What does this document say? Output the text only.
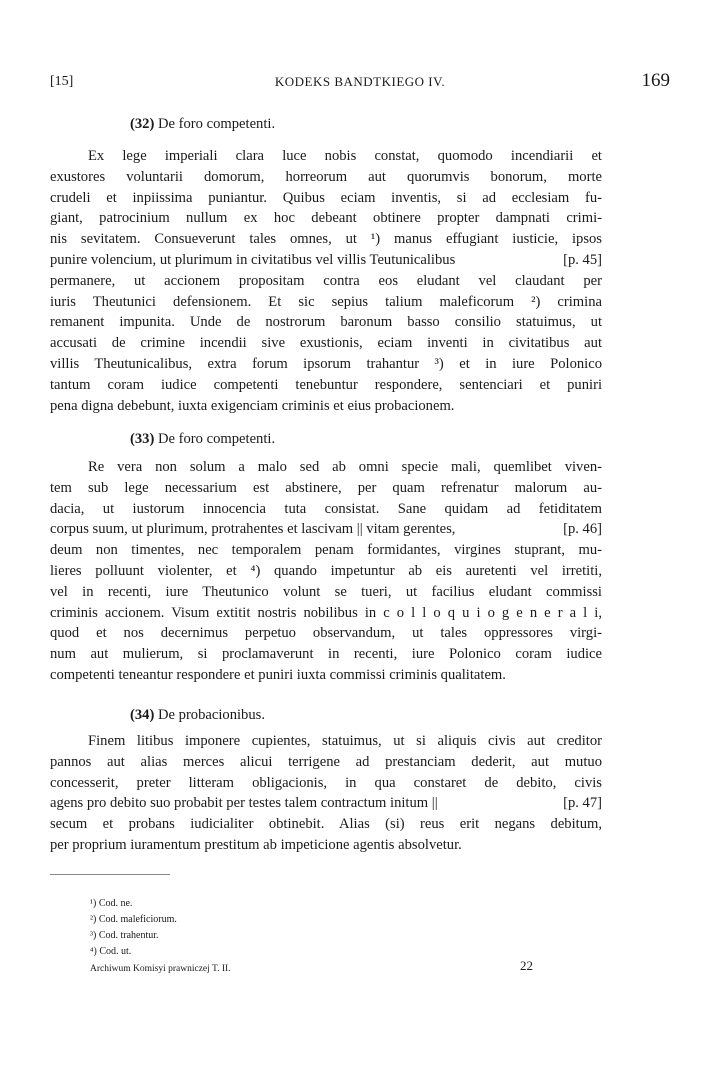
[15]	KODEKS BANDTKIEGO IV.	169
(32) De foro competenti.

Ex lege imperiali clara luce nobis constat, quomodo incendiarii et

exustores voluntarii domorum, horreorum aut quorumvis bonorum, morte

crudeli et inpiissima puniantur. Quibus eciam inventis, si ad ecclesiam fu-

giant, patrocinium nullum ex hoc debeant obtinere propter dampnati crimi-

nis sevitatem. Consueverunt tales omnes, ut ¹) manus effugiant iusticie, ipsos

punire volencium, ut plurimum in civitatibus vel villis Teutunicalibus	[p. 45]

permanere, ut accionem propositam contra eos eludant vel claudant per

iuris Theutunici defensionem. Et sic sepius talium maleficorum ²) crimina

remanent impunita. Unde de nostrorum baronum basso consilio statuimus, ut

accusati de crimine incendii sive exustionis, eciam inventi in civitatibus aut

villis Theutunicalibus, extra forum ipsorum trahantur ³) et in iure Polonico

tantum coram iudice competenti tenebuntur respondere, sentenciari et puniri

pena digna debebunt, iuxta exigenciam criminis et eius probacionem.

(33) De foro competenti.

Re vera non solum a malo sed ab omni specie mali, quemlibet viven-

tem sub lege necessarium est abstinere, per quam refrenatur malorum au-

dacia, ut iustorum innocencia tuta consistat. Sane quidam ad fetiditatem

corpus suum, ut plurimum, protrahentes et lascivam || vitam gerentes,	[p. 46]

deum non timentes, nec temporalem penam formidantes, virgines stuprant, mu-

lieres polluunt violenter, et ⁴) quando impetuntur ab eis auretenti vel irretiti,

vel in recenti, iure Theutunico volunt se tueri, ut facilius eludant commissi

criminis accionem. Visum extitit nostris nobilibus in c o l l o q u i o g e n e r a l i,

quod et nos decernimus perpetuo observandum, ut tales oppressores virgi-

num aut mulierum, si proclamaverunt in recenti, iure Polonico coram iudice

competenti teneantur respondere et puniri iuxta commissi criminis qualitatem.

(34) De probacionibus.

Finem litibus imponere cupientes, statuimus, ut si aliquis civis aut creditor

pannos aut alias merces alicui terrigene ad prestanciam dederit, aut mutuo

concesserit, preter litteram obligacionis, in qua constaret de debito, civis

agens pro debito suo probabit per testes talem contractum initum ||	[p. 47]

secum et probans iudicialiter obtinebit. Alias (si) reus erit negans debitum,

per proprium iuramentum prestitum ab impeticione agentis absolvetur.

¹) Cod. ne.
²) Cod. maleficiorum.
³) Cod. trahentur.
⁴) Cod. ut.
Archiwum Komisyi prawniczej T. II.	22
